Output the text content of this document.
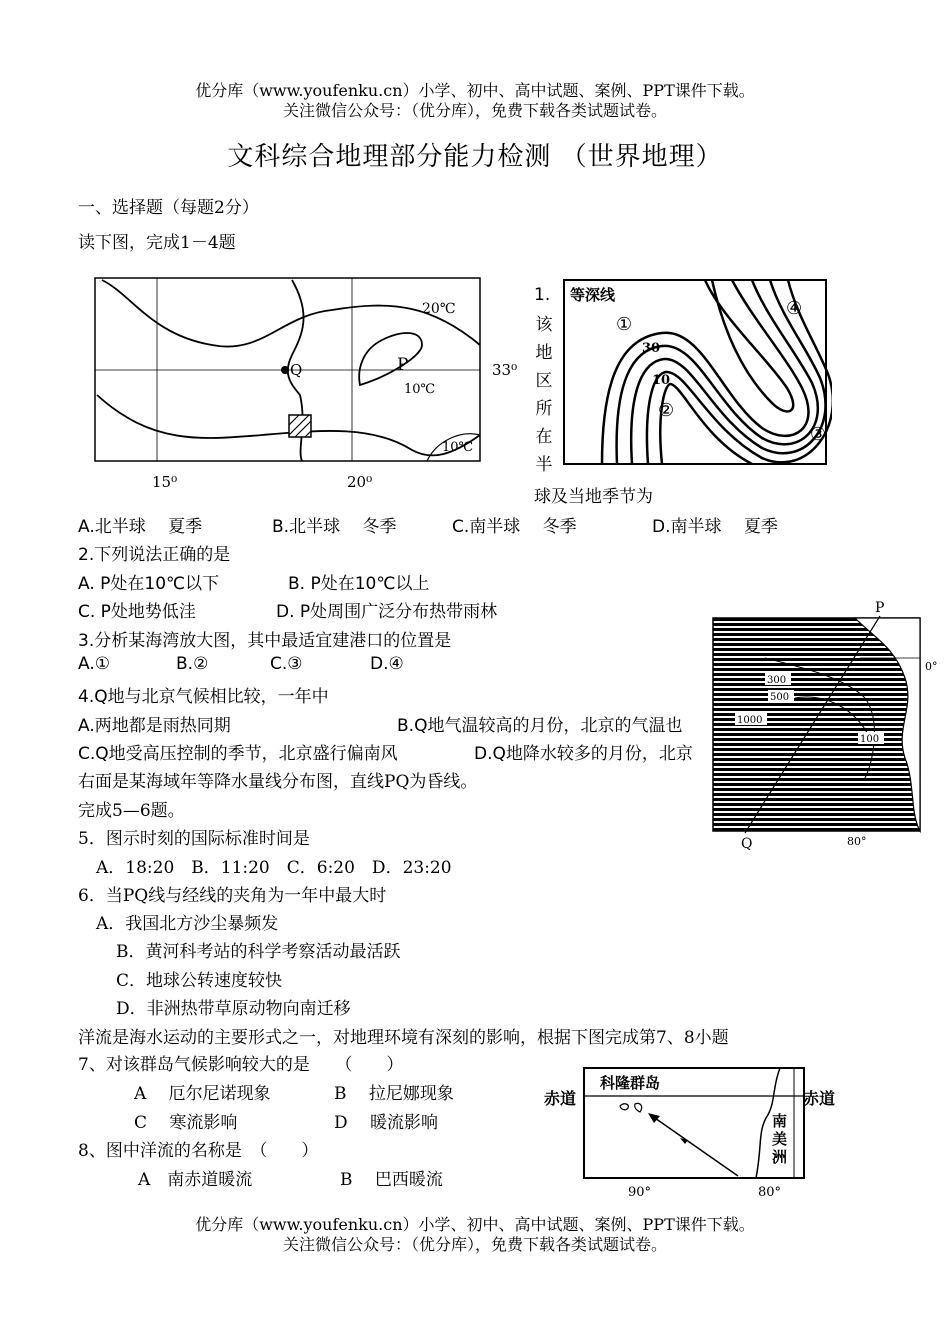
优分库（www.youfenku.cn）小学、初中、高中试题、案例、PPT课件下载。
关注微信公众号：（优分库），免费下载各类试题试卷。
文科综合地理部分能力检测 （世界地理）
一、选择题（每题2分）
读下图，完成1－4题
Q	P
20℃
10℃
10℃
33⁰
15⁰	20⁰
1.
该
地
区
所
在
半
球及当地季节为
等深线
30
10
①
②
③
④
A.北半球　 夏季	B.北半球　 冬季	C.南半球　 冬季	D.南半球　 夏季
2.下列说法正确的是
A. P处在10℃以下	B. P处在10℃以上
C. P处地势低洼	D. P处周围广泛分布热带雨林
3.分析某海湾放大图，其中最适宜建港口的位置是
A.①	B.②	C.③	D.④
4.Q地与北京气候相比较，一年中
A.两地都是雨热同期	B.Q地气温较高的月份，北京的气温也
C.Q地受高压控制的季节，北京盛行偏南风	D.Q地降水较多的月份，北京
300
500
1000
100
P
Q
0°
80°
右面是某海域年等降水量线分布图，直线PQ为昏线。
完成5—6题。
5．图示时刻的国际标准时间是
A．18:20　B．11:20　C．6:20　D．23:20
6．当PQ线与经线的夹角为一年中最大时
A．我国北方沙尘暴频发
B．黄河科考站的科学考察活动最活跃
C．地球公转速度较快
D．非洲热带草原动物向南迁移
洋流是海水运动的主要形式之一，对地理环境有深刻的影响，根据下图完成第7、8小题
7、对该群岛气候影响较大的是　　（　　）
A　 厄尔尼诺现象	B　 拉尼娜现象
C　 寒流影响	D　 暖流影响
8、图中洋流的名称是　（　　）
A　南赤道暖流	B　 巴西暖流
科隆群岛
赤道	赤道
南
美
洲
90°	80°
优分库（www.youfenku.cn）小学、初中、高中试题、案例、PPT课件下载。
关注微信公众号：（优分库），免费下载各类试题试卷。
